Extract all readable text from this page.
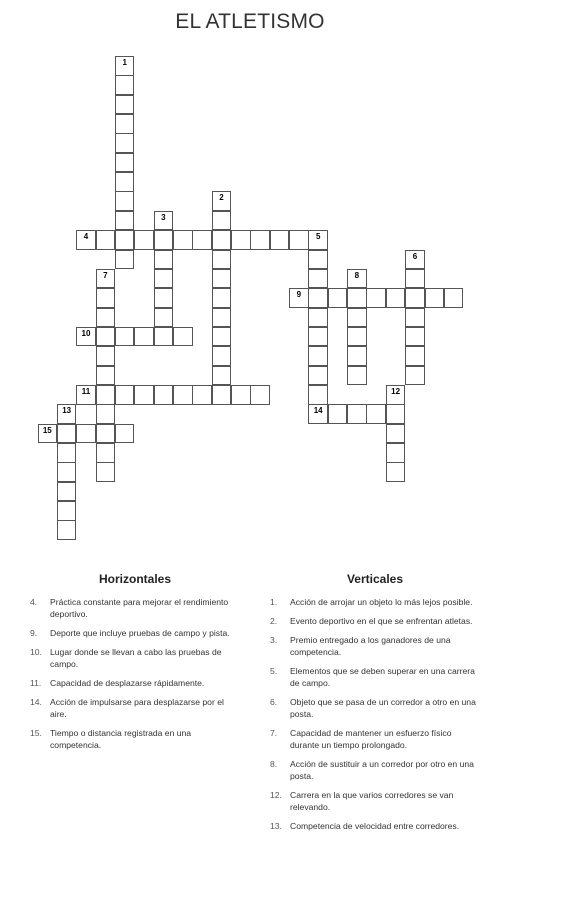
EL ATLETISMO
1
2
3
4	5
14
6
7	8
9
10
11	12
13
15
Horizontales
4.	Práctica constante para mejorar el rendimiento deportivo.
9.	Deporte que incluye pruebas de campo y pista.
10. Lugar donde se llevan a cabo las pruebas de campo.
11.	Capacidad de desplazarse rápidamente.
14. Acción de impulsarse para desplazarse por el aire.
15. Tiempo o distancia registrada en una competencia.
Verticales
1.	Acción de arrojar un objeto lo más lejos posible.
2.	Evento deportivo en el que se enfrentan atletas.
3.	Premio entregado a los ganadores de una competencia.
5.	Elementos que se deben superar en una carrera de campo.
6.	Objeto que se pasa de un corredor a otro en una posta.
7.	Capacidad de mantener un esfuerzo físico durante un tiempo prolongado.
8.	Acción de sustituir a un corredor por otro en una posta.
12. Carrera en la que varios corredores se van relevando.
13. Competencia de velocidad entre corredores.
